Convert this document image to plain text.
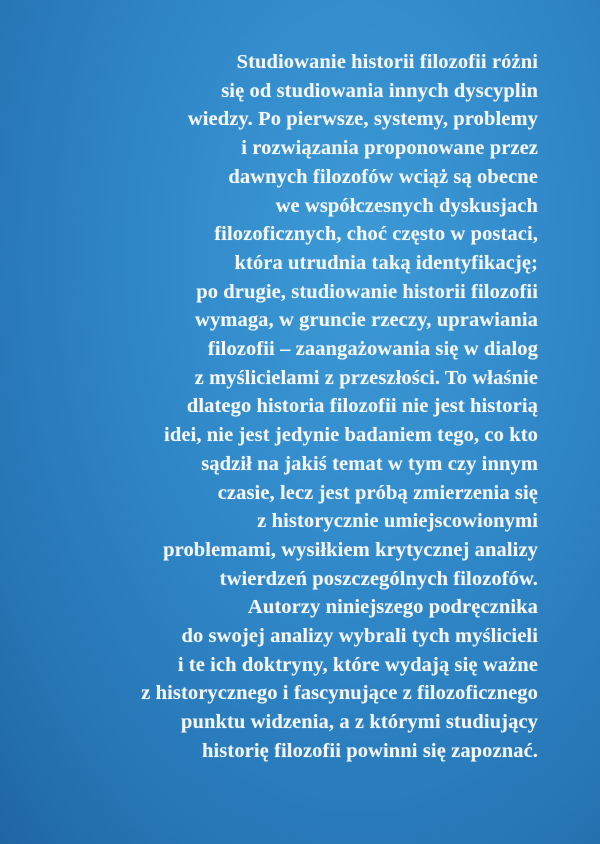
Studiowanie historii filozofii różni
się od studiowania innych dyscyplin
wiedzy. Po pierwsze, systemy, problemy
i rozwiązania proponowane przez
dawnych filozofów wciąż są obecne
we współczesnych dyskusjach
filozoficznych, choć często w postaci,
która utrudnia taką identyfikację;
po drugie, studiowanie historii filozofii
wymaga, w gruncie rzeczy, uprawiania
filozofii – zaangażowania się w dialog
z myślicielami z przeszłości. To właśnie
dlatego historia filozofii nie jest historią
idei, nie jest jedynie badaniem tego, co kto
sądził na jakiś temat w tym czy innym
czasie, lecz jest próbą zmierzenia się
z historycznie umiejscowionymi
problemami, wysiłkiem krytycznej analizy
twierdzeń poszczególnych filozofów.
Autorzy niniejszego podręcznika
do swojej analizy wybrali tych myślicieli
i te ich doktryny, które wydają się ważne
z historycznego i fascynujące z filozoficznego
punktu widzenia, a z którymi studiujący
historię filozofii powinni się zapoznać.
